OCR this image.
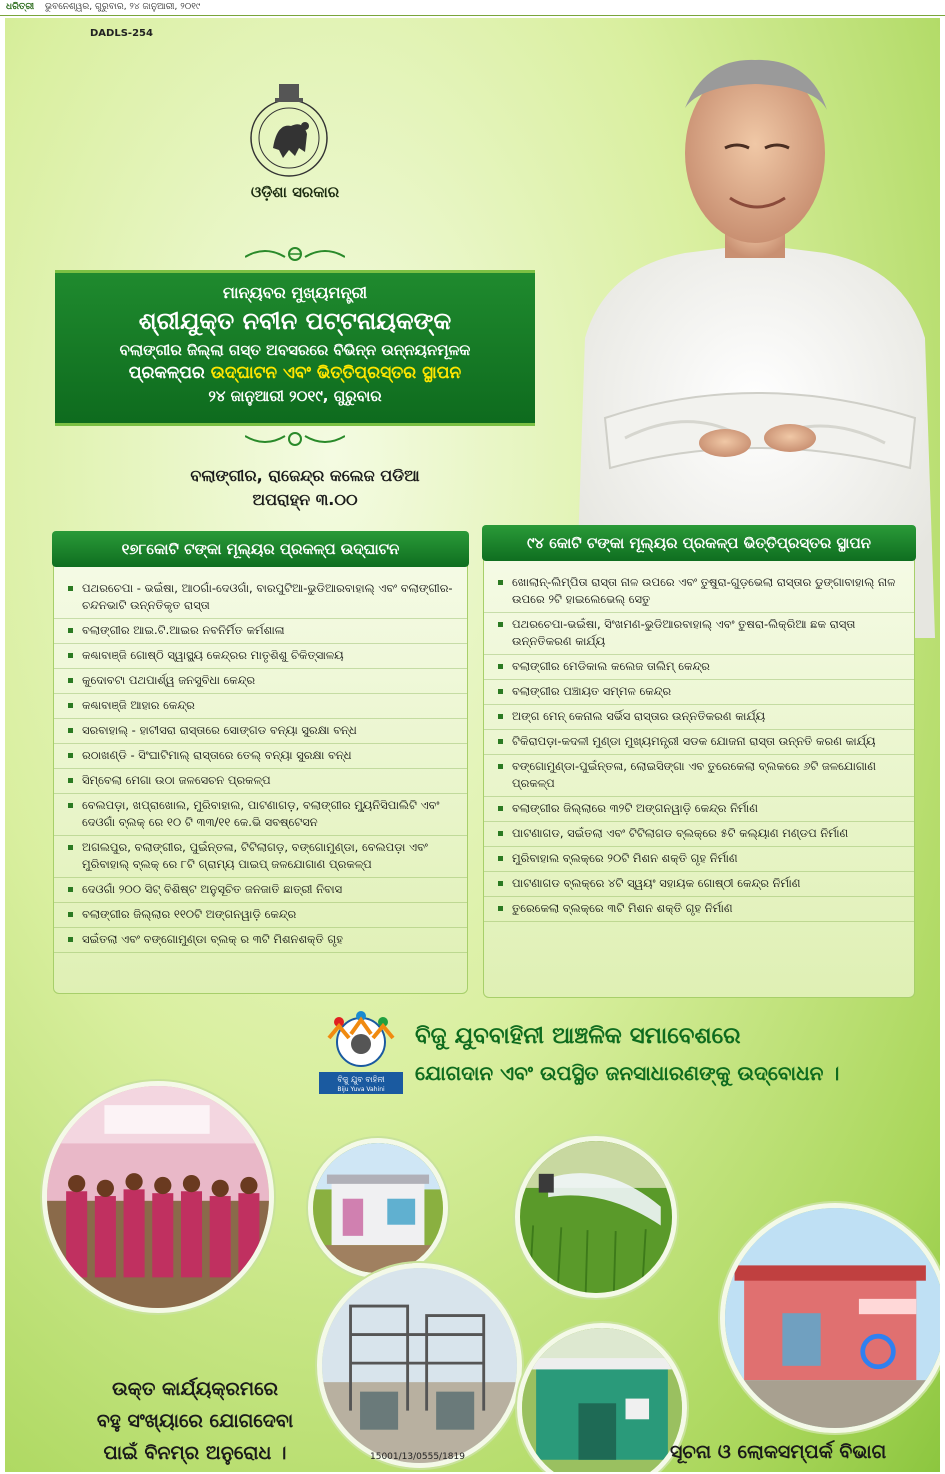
ଧରିତ୍ରୀ ଭୁବନେଶ୍ୱର, ଗୁରୁବାର, ୨୪ ଜାନୁଆରୀ, ୨୦୧୯
DADLS-254
ଓଡ଼ିଶା ସରକାର
ମାନ୍ୟବର ମୁଖ୍ୟମନ୍ତ୍ରୀ
ଶ୍ରୀଯୁକ୍ତ ନବୀନ ପଟ୍ଟନାୟକଙ୍କ
ବଲାଙ୍ଗୀର ଜିଲ୍ଲା ଗସ୍ତ ଅବସରରେ ବିଭିନ୍ନ ଉନ୍ନୟନମୂଳକ
ପ୍ରକଳ୍ପର ଉଦ୍‌ଘାଟନ ଏବଂ ଭିତ୍ତିପ୍ରସ୍ତର ସ୍ଥାପନ
୨୪ ଜାନୁଆରୀ ୨୦୧୯, ଗୁରୁବାର
ବଲାଙ୍ଗୀର, ରାଜେନ୍ଦ୍ର କଲେଜ ପଡିଆ
ଅପରାହ୍ନ ୩.୦୦
୧୭୮କୋଟି ଟଙ୍କା ମୂଲ୍ୟର ପ୍ରକଳ୍ପ ଉଦ୍‌ଘାଟନ
ପଥରଚେପା - ଭଇଁଷା, ଆଠଗାଁ-ଦେଓଗାଁ, ବାରପୁଟିଆ-ଭୁଡିଆରବାହାଲ୍ ଏବଂ ବଲାଙ୍ଗୀର-ଚନ୍ଦନଭାଟି ଉନ୍ନତିକୃତ ରାସ୍ତା
ବଲାଙ୍ଗୀର ଆଇ.ଟି.ଆଇର ନବନିର୍ମିତ କର୍ମଶାଳା
କଣ୍ଢାବାଞ୍ଜି ଗୋଷ୍ଠି ସ୍ୱାସ୍ଥ୍ୟ କେନ୍ଦ୍ରର ମାତୃଶିଶୁ ଚିକିତ୍ସାଳୟ
କୁଦୋବଟା ପଥପାର୍ଶ୍ୱ ଜନସୁବିଧା କେନ୍ଦ୍ର
କଣ୍ଢାବାଞ୍ଜି ଆହାର କେନ୍ଦ୍ର
ସରବାହାଲ୍ - ହାଟୀସରା ରାସ୍ତାରେ ସୋଙ୍ଗଡ ବନ୍ୟା ସୁରକ୍ଷା ବନ୍ଧ
ରଠାଖଣ୍ଡି - ସିଂଘାଟିମାଲ୍ ରାସ୍ତାରେ ତେଲ୍ ବନ୍ୟା ସୁରକ୍ଷା ବନ୍ଧ
ସିମ୍ବେଲା ମେଗା ଉଠା ଜଳସେଚନ ପ୍ରକଳ୍ପ
ବେଲପଡ଼ା, ଖପ୍ରାଖୋଲ, ମୁରିବାହାଲ, ପାଟଣାଗଡ଼, ବଲାଙ୍ଗୀର ମ୍ୟୁନିସିପାଲିଟି ଏବଂ ଦେଓଗାଁ ବ୍ଲକ୍ ରେ ୧୦ ଟି ୩୩/୧୧ କେ.ଭି ସବଷ୍ଟେସନ
ଅଗଲପୁର, ବଲାଙ୍ଗୀର, ପୁଇଁନ୍ତଳା, ଟିଟିଲାଗଡ଼, ବଙ୍ଗୋମୁଣ୍ଡା, ବେଲପଡ଼ା ଏବଂ ମୁରିବାହାଲ୍ ବ୍ଲକ୍ ରେ ୮ଟି ଗ୍ରାମ୍ୟ ପାଇପ୍ ଜଳଯୋଗାଣ ପ୍ରକଳ୍ପ
ଦେଓଗାଁ ୨୦୦ ସିଟ୍ ବିଶିଷ୍ଟ ଅନୁସୂଚିତ ଜନଜାତି ଛାତ୍ରୀ ନିବାସ
ବଲାଙ୍ଗୀର ଜିଲ୍ଲାର ୧୧୦ଟି ଅଙ୍ଗନୱାଡ଼ି କେନ୍ଦ୍ର
ସଇଁତଲା ଏବଂ ବଙ୍ଗୋମୁଣ୍ଡା ବ୍ଲକ୍ ର ୩ଟି ମିଶନଶକ୍ତି ଗୃହ
୯୪ କୋଟି ଟଙ୍କା ମୂଲ୍ୟର ପ୍ରକଳ୍ପ ଭିତ୍ତିପ୍ରସ୍ତର ସ୍ଥାପନ
ଖୋଲାନ୍-ଲିମ୍ପିତା ରାସ୍ତା ନାଳ ଉପରେ ଏବଂ ତୁଷୁରା-ଗୁଡ଼ଭେଲା ରାସ୍ତାର ଡୁଙ୍ଗାବାହାଲ୍ ନାଳ ଉପରେ ୨ଟି ହାଇଲେଭେଲ୍ ସେତୁ
ପଥରଚେପା-ଭଇଁଷା, ସିଂଖମଣ-ଭୁଡିଆରବାହାଲ୍ ଏବଂ ତୁଷରା-ଲିକ୍ରିଆ ଛକ ରାସ୍ତା ଉନ୍ନତିକରଣ କାର୍ଯ୍ୟ
ବଲାଙ୍ଗୀର ମେଡିକାଲ କଲେଜ ତାଲିମ୍ କେନ୍ଦ୍ର
ବଲାଙ୍ଗୀର ପଞ୍ଚାୟତ ସମ୍ମଳ କେନ୍ଦ୍ର
ଅଙ୍ଗ ମେନ୍ କେନାଲ ସର୍ଭିସ ରାସ୍ତାର ଉନ୍ନତିକରଣ କାର୍ଯ୍ୟ
ଟିକିରାପଡ଼ା-କଦଳୀ ମୁଣ୍ଡା ମୁଖ୍ୟମନ୍ତ୍ରୀ ସଡକ ଯୋଜନା ରାସ୍ତା ଉନ୍ନତି କରଣ କାର୍ଯ୍ୟ
ବଙ୍ଗୋମୁଣ୍ଡା-ପୁଇଁନ୍ତଳା, ଲୋଇସିଙ୍ଗା ଏବ ତୁରେକେଲା ବ୍ଲକରେ ୬ଟି ଜଳଯୋଗାଣ ପ୍ରକଳ୍ପ
ବଲାଙ୍ଗୀର ଜିଲ୍ଲାରେ ୩୨ଟି ଅଙ୍ଗନୱାଡ଼ି କେନ୍ଦ୍ର ନିର୍ମାଣ
ପାଟଣାଗଡ, ସଇଁତଲା ଏବଂ ଟିଟିଲାଗଡ ବ୍ଲକ୍‌ରେ ୫ଟି କଲ୍ୟାଣ ମଣ୍ଡପ ନିର୍ମାଣ
ମୁରିବାହାଲ ବ୍ଲକ୍‌ରେ ୨୦ଟି ମିଶନ ଶକ୍ତି ଗୃହ ନିର୍ମାଣ
ପାଟଣାଗଡ ବ୍ଲକ୍‌ରେ ୪ଟି ସ୍ୱୟଂ ସହାୟକ ଗୋଷ୍ଠୀ କେନ୍ଦ୍ର ନିର୍ମାଣ
ତୁରେକେଲା ବ୍ଲକ୍‌ରେ ୩ଟି ମିଶନ ଶକ୍ତି ଗୃହ ନିର୍ମାଣ
ବିଜୁ ଯୁବ ବାହିନୀ
Biju Yuva Vahini
ବିଜୁ ଯୁବବାହିନୀ ଆଞ୍ଚଳିକ ସମାବେଶରେ
ଯୋଗଦାନ ଏବଂ ଉପସ୍ଥିତ ଜନସାଧାରଣଙ୍କୁ ଉଦ୍‌ବୋଧନ ।
ଉକ୍ତ କାର୍ଯ୍ୟକ୍ରମରେ
ବହୁ ସଂଖ୍ୟାରେ ଯୋଗଦେବା
ପାଇଁ ବିନମ୍ର ଅନୁରୋଧ ।	15001/13/0555/1819	ସୂଚନା ଓ ଲୋକସମ୍ପର୍କ ବିଭାଗ
